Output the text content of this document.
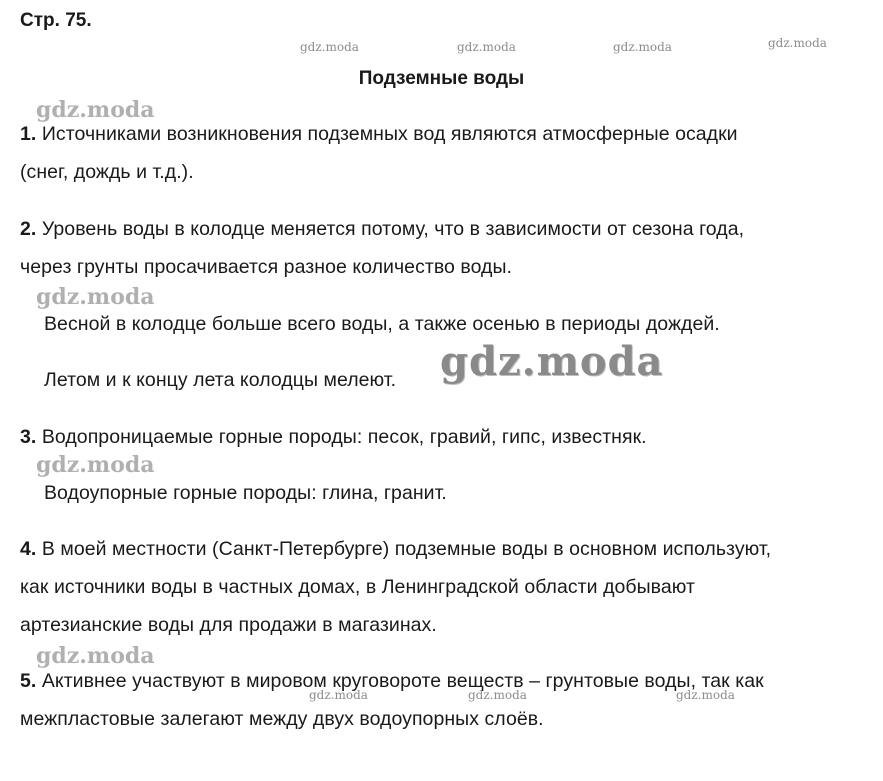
gdz.moda	gdz.moda	gdz.moda	gdz.moda
gdz.moda
gdz.moda
gdz.moda
gdz.moda
gdz.moda	gdz.moda	gdz.moda
Стр. 75.
Подземные воды
1. Источниками возникновения подземных вод являются атмосферные осадки
(снег, дождь и т.д.).
2. Уровень воды в колодце меняется потому, что в зависимости от сезона года,
через грунты просачивается разное количество воды.
Весной в колодце больше всего воды, а также осенью в периоды дождей.
Летом и к концу лета колодцы мелеют. gdz.moda
3. Водопроницаемые горные породы: песок, гравий, гипс, известняк.
Водоупорные горные породы: глина, гранит.
4. В моей местности (Санкт-Петербурге) подземные воды в основном используют,
как источники воды в частных домах, в Ленинградской области добывают
артезианские воды для продажи в магазинах.
5. Активнее участвуют в мировом круговороте веществ – грунтовые воды, так как
межпластовые залегают между двух водоупорных слоёв.
